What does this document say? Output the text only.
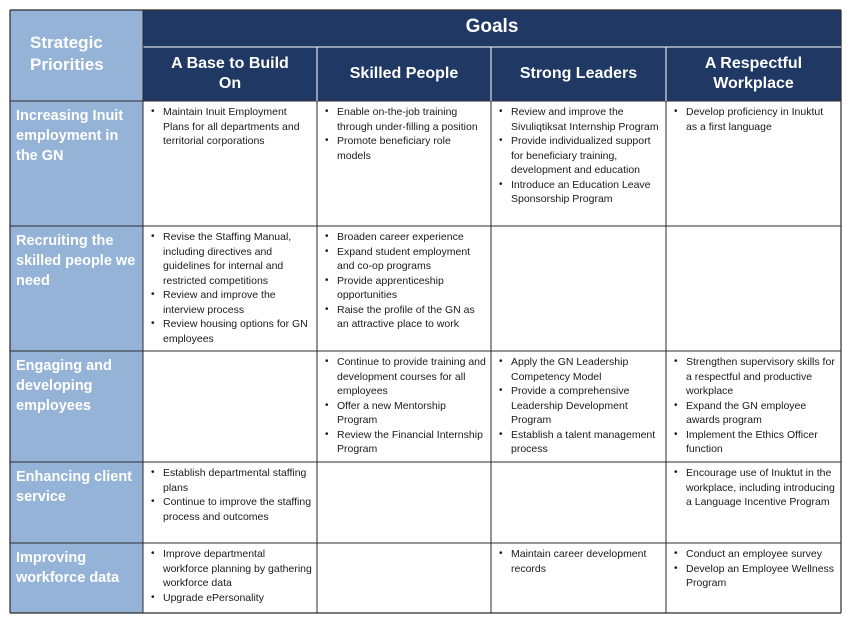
Strategic Priorities
Goals
A Base to Build On
Skilled People	Strong Leaders
A Respectful Workplace
Increasing Inuit employment in the GN
• Maintain Inuit Employment Plans for all departments and territorial corporations
• Enable on-the-job training through under-filling a position
• Promote beneficiary role models
• Review and improve the Sivuliqtiksat Internship Program
• Provide individualized support for beneficiary training, development and education
• Introduce an Education Leave Sponsorship Program
• Develop proficiency in Inuktut as a first language
Recruiting the skilled people we need
• Revise the Staffing Manual, including directives and guidelines for internal and restricted competitions
• Review and improve the interview process
• Review housing options for GN employees
• Broaden career experience
• Expand student employment and co-op programs
• Provide apprenticeship opportunities
• Raise the profile of the GN as an attractive place to work
Engaging and developing employees
• Continue to provide training and development courses for all employees
• Offer a new Mentorship Program
• Review the Financial Internship Program
• Apply the GN Leadership Competency Model
• Provide a comprehensive Leadership Development Program
• Establish a talent management process
• Strengthen supervisory skills for a respectful and productive workplace
• Expand the GN employee awards program
• Implement the Ethics Officer function
Enhancing client service
• Establish departmental staffing plans
• Continue to improve the staffing process and outcomes
• Encourage use of Inuktut in the workplace, including introducing a Language Incentive Program
Improving workforce data
• Improve departmental workforce planning by gathering workforce data
• Upgrade ePersonality
• Maintain career development records
• Conduct an employee survey
• Develop an Employee Wellness Program
